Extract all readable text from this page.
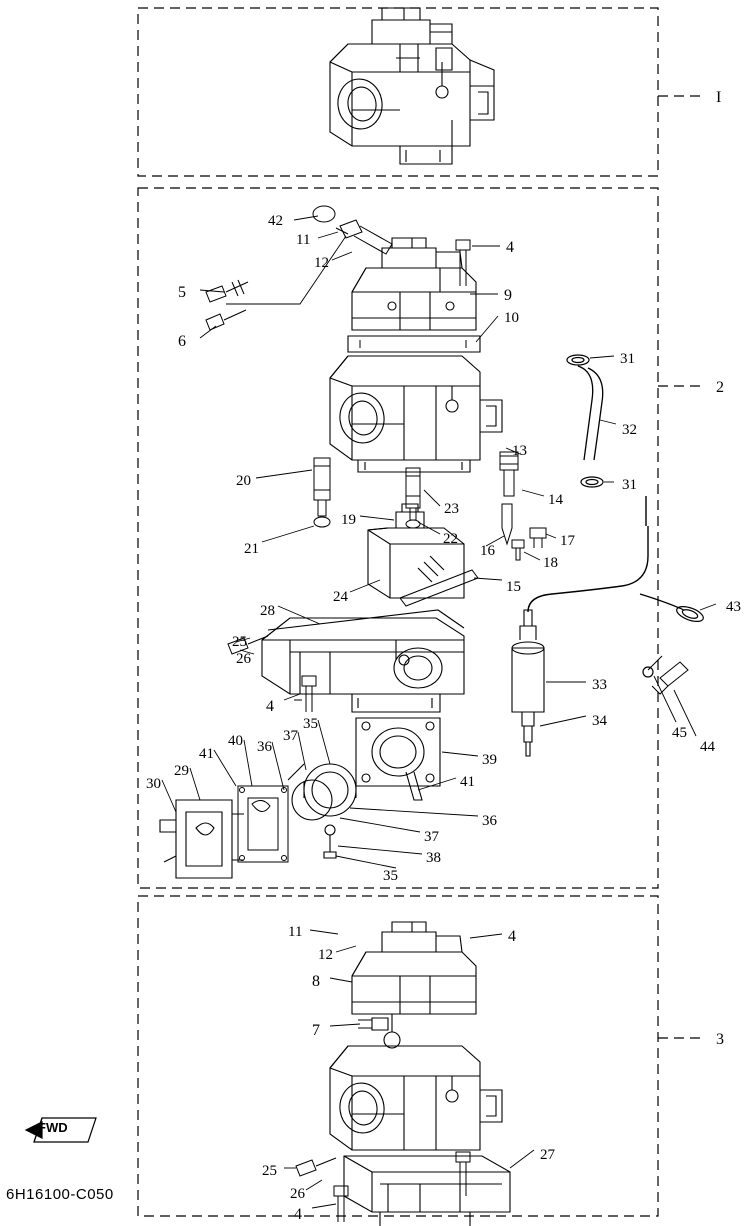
I
42
11
12
4
5
6
9
10
31
2
32
13
31
20
14
23
19
21
22
16
17
18
15
24
28	43
25
26
33
4
34
45
44
35
37
36
40
41
29
30
39
41
36
37
38
35
11
12
4
8
7
3
27
25
26
4
FWD
6H16100-C050
